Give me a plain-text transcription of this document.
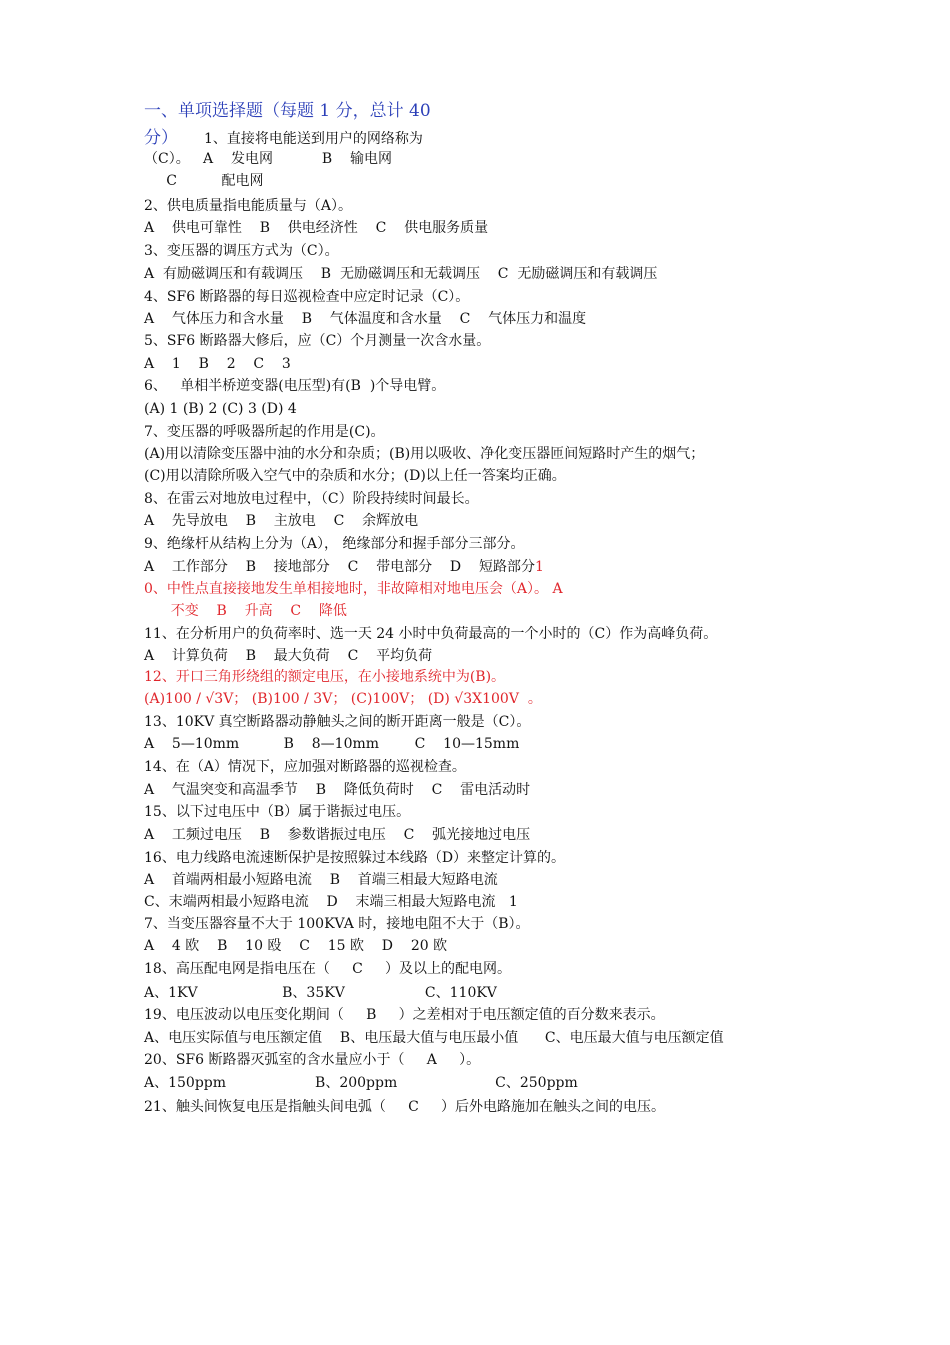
一、单项选择题（每题 1 分，总计 40
分） 1、直接将电能送到用户的网络称为
（C）。   A    发电网           B    输电网
C          配电网
2、供电质量指电能质量与（A）。
A    供电可靠性    B    供电经济性    C    供电服务质量
3、变压器的调压方式为（C）。
A  有励磁调压和有载调压    B  无励磁调压和无载调压    C  无励磁调压和有载调压
4、SF6 断路器的每日巡视检查中应定时记录（C）。
A    气体压力和含水量    B    气体温度和含水量    C    气体压力和温度
5、SF6 断路器大修后，应（C）个月测量一次含水量。
A    1    B    2    C    3
6、   单相半桥逆变器(电压型)有(B  )个导电臂。
(A) 1 (B) 2 (C) 3 (D) 4
7、变压器的呼吸器所起的作用是(C)。
(A)用以清除变压器中油的水分和杂质；(B)用以吸收、净化变压器匝间短路时产生的烟气；
(C)用以清除所吸入空气中的杂质和水分；(D)以上任一答案均正确。
8、在雷云对地放电过程中，（C）阶段持续时间最长。
A    先导放电    B    主放电    C    余辉放电
9、绝缘杆从结构上分为（A）， 绝缘部分和握手部分三部分。
A    工作部分    B    接地部分    C    带电部分    D    短路部分1
0、中性点直接接地发生单相接地时，非故障相对地电压会（A）。 A
不变    B    升高    C    降低
11、在分析用户的负荷率时、选一天 24 小时中负荷最高的一个小时的（C）作为高峰负荷。
A    计算负荷    B    最大负荷    C    平均负荷
12、开口三角形绕组的额定电压，在小接地系统中为(B)。
(A)100 / √3V； (B)100 / 3V； (C)100V； (D) √3X100V  。
13、10KV 真空断路器动静触头之间的断开距离一般是（C）。
A    5—10mm          B    8—10mm        C    10—15mm
14、在（A）情况下，应加强对断路器的巡视检查。
A    气温突变和高温季节    B    降低负荷时    C    雷电活动时
15、以下过电压中（B）属于谐振过电压。
A    工频过电压    B    参数谐振过电压    C    弧光接地过电压
16、电力线路电流速断保护是按照躲过本线路（D）来整定计算的。
A    首端两相最小短路电流    B    首端三相最大短路电流
C、末端两相最小短路电流    D    末端三相最大短路电流   1
7、当变压器容量不大于 100KVA 时，接地电阻不大于（B）。
A    4 欧    B    10 殴    C    15 欧    D    20 欧
18、高压配电网是指电压在（     C     ）及以上的配电网。
A、1KV                   B、35KV                  C、110KV
19、电压波动以电压变化期间（     B     ）之差相对于电压额定值的百分数来表示。
A、电压实际值与电压额定值    B、电压最大值与电压最小值      C、电压最大值与电压额定值
20、SF6 断路器灭弧室的含水量应小于（     A     ）。
A、150ppm                    B、200ppm                      C、250ppm
21、触头间恢复电压是指触头间电弧（     C     ）后外电路施加在触头之间的电压。
